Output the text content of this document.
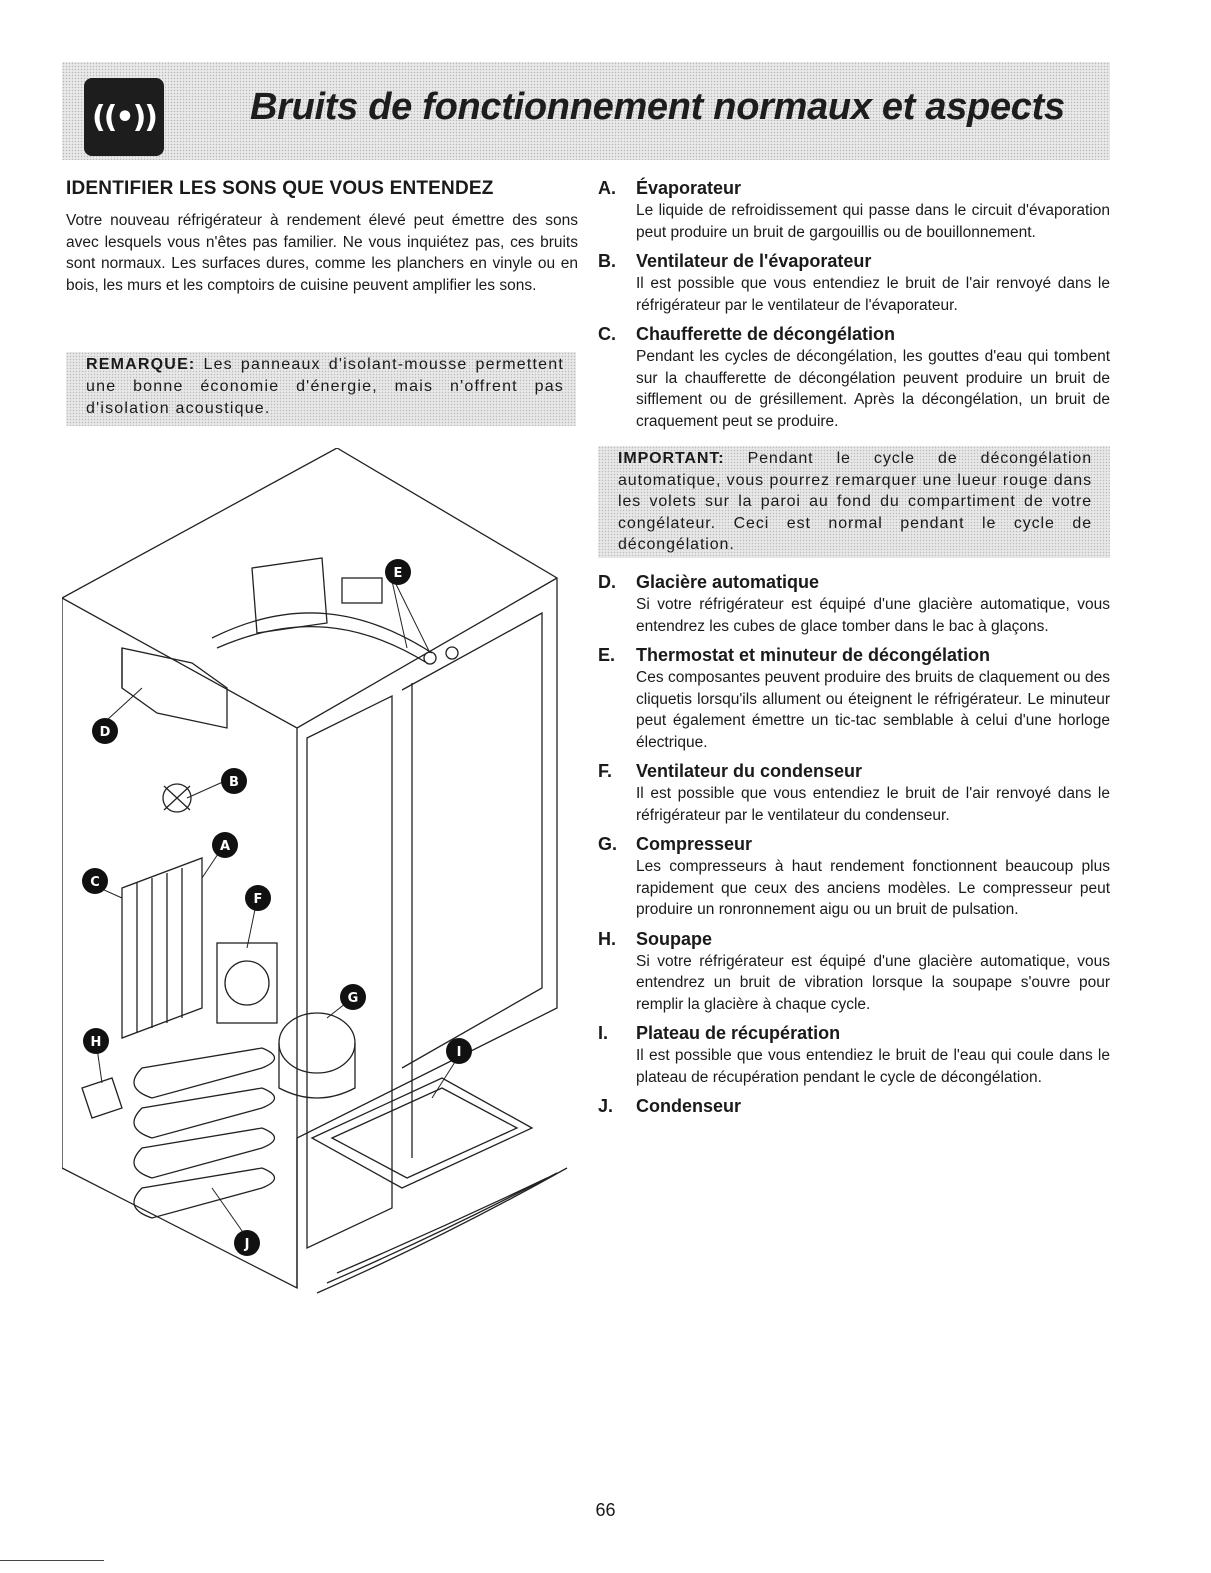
((•)) Bruits de fonctionnement normaux et aspects
IDENTIFIER LES SONS QUE VOUS ENTENDEZ

Votre nouveau réfrigérateur à rendement élevé peut émettre des sons avec lesquels vous n'êtes pas familier. Ne vous inquiétez pas, ces bruits sont normaux. Les surfaces dures, comme les planchers en vinyle ou en bois, les murs et les comptoirs de cuisine peuvent amplifier les sons.

REMARQUE: Les panneaux d'isolant-mousse permettent une bonne économie d'énergie, mais n'offrent pas d'isolation acoustique.
E
D
B
A
C
F
G
H
I
J
A.	Évaporateur
Le liquide de refroidissement qui passe dans le circuit d'évaporation peut produire un bruit de gargouillis ou de bouillonnement.
B.	Ventilateur de l'évaporateur
Il est possible que vous entendiez le bruit de l'air renvoyé dans le réfrigérateur par le ventilateur de l'évaporateur.
C.	Chaufferette de décongélation
Pendant les cycles de décongélation, les gouttes d'eau qui tombent sur la chaufferette de décongélation peuvent produire un bruit de sifflement ou de grésillement. Après la décongélation, un bruit de craquement peut se produire.
IMPORTANT: Pendant le cycle de décongélation automatique, vous pourrez remarquer une lueur rouge dans les volets sur la paroi au fond du compartiment de votre congélateur. Ceci est normal pendant le cycle de décongélation.
D.	Glacière automatique
Si votre réfrigérateur est équipé d'une glacière automatique, vous entendrez les cubes de glace tomber dans le bac à glaçons.
E.	Thermostat et minuteur de décongélation
Ces composantes peuvent produire des bruits de claquement ou des cliquetis lorsqu'ils allument ou éteignent le réfrigérateur. Le minuteur peut également émettre un tic-tac semblable à celui d'une horloge électrique.
F.	Ventilateur du condenseur
Il est possible que vous entendiez le bruit de l'air renvoyé dans le réfrigérateur par le ventilateur du condenseur.
G.	Compresseur
Les compresseurs à haut rendement fonctionnent beaucoup plus rapidement que ceux des anciens modèles. Le compresseur peut produire un ronronnement aigu ou un bruit de pulsation.
H.	Soupape
Si votre réfrigérateur est équipé d'une glacière automatique, vous entendrez un bruit de vibration lorsque la soupape s'ouvre pour remplir la glacière à chaque cycle.
I.	Plateau de récupération
Il est possible que vous entendiez le bruit de l'eau qui coule dans le plateau de récupération pendant le cycle de décongélation.
J.	Condenseur
66
